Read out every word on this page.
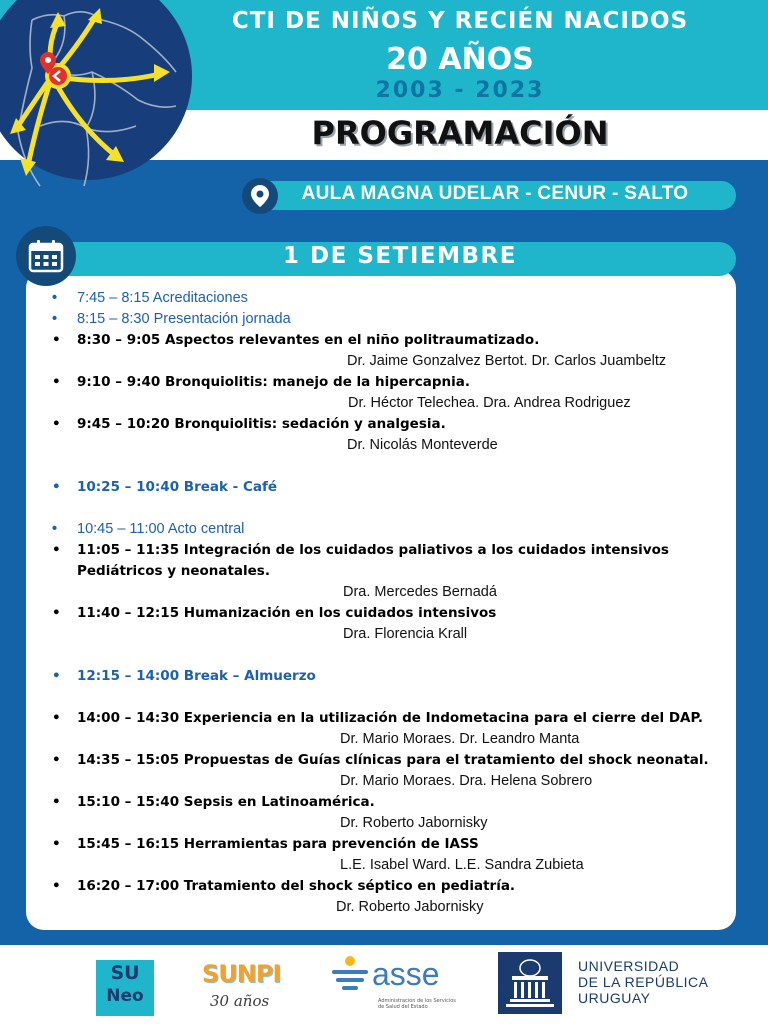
CTI DE NIÑOS Y RECIÉN NACIDOS
20 AÑOS
2003 - 2023
PROGRAMACIÓN
AULA MAGNA UDELAR - CENUR - SALTO
1 DE SETIEMBRE
• 7:45 – 8:15 Acreditaciones
• 8:15 – 8:30 Presentación jornada
• 8:30 – 9:05 Aspectos relevantes en el niño politraumatizado.
Dr. Jaime Gonzalvez Bertot. Dr. Carlos Juambeltz
• 9:10 – 9:40 Bronquiolitis: manejo de la hipercapnia.
Dr. Héctor Telechea. Dra. Andrea Rodriguez
• 9:45 – 10:20 Bronquiolitis: sedación y analgesia.
Dr. Nicolás Monteverde
• 10:25 – 10:40 Break - Café
• 10:45 – 11:00 Acto central
• 11:05 – 11:35 Integración de los cuidados paliativos a los cuidados intensivos Pediátricos y neonatales.
Dra. Mercedes Bernadá
• 11:40 – 12:15 Humanización en los cuidados intensivos
Dra. Florencia Krall
• 12:15 – 14:00 Break – Almuerzo
• 14:00 – 14:30 Experiencia en la utilización de Indometacina para el cierre del DAP.
Dr. Mario Moraes. Dr. Leandro Manta
• 14:35 – 15:05 Propuestas de Guías clínicas para el tratamiento del shock neonatal.
Dr. Mario Moraes. Dra. Helena Sobrero
• 15:10 – 15:40 Sepsis en Latinoamérica.
Dr. Roberto Jabornisky
• 15:45 – 16:15 Herramientas para prevención de IASS
L.E. Isabel Ward. L.E. Sandra Zubieta
• 16:20 – 17:00 Tratamiento del shock séptico en pediatría.
Dr. Roberto Jabornisky
SU
Neo
SUNPI
30 años
asse
Administración de los Servicios de Salud del Estado
UNIVERSIDAD
DE LA REPÚBLICA
URUGUAY
